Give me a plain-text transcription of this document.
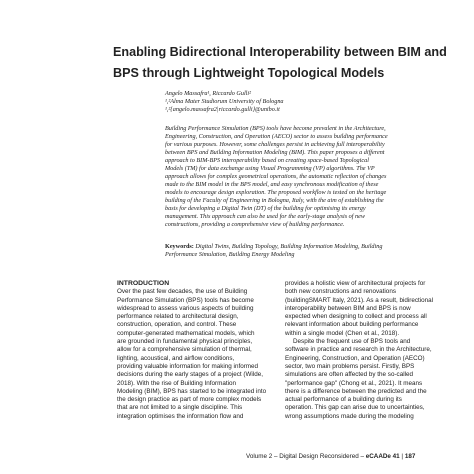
Enabling Bidirectional Interoperability between BIM and
BPS through Lightweight Topological Models
Angelo Massafra¹, Riccardo Gulli²
¹,²Alma Mater Studiorum University of Bologna
¹,²{angelo.massafra2|riccardo.gulli}@unibo.it
Building Performance Simulation (BPS) tools have become prevalent in the Architecture,
Engineering, Construction, and Operation (AECO) sector to assess building performance
for various purposes. However, some challenges persist in achieving full interoperability
between BPS and Building Information Modeling (BIM). This paper proposes a different
approach to BIM-BPS interoperability based on creating space-based Topological
Models (TM) for data exchange using Visual Programming (VP) algorithms. The VP
approach allows for complex geometrical operations, the automatic reflection of changes
made to the BIM model in the BPS model, and easy synchronous modification of these
models to encourage design exploration. The proposed workflow is tested on the heritage
building of the Faculty of Engineering in Bologna, Italy, with the aim of establishing the
basis for developing a Digital Twin (DT) of the building for optimising its energy
management. This approach can also be used for the early-stage analysis of new
constructions, providing a comprehensive view of building performance.
Keywords: Digital Twins, Building Topology, Building Information Modeling, Building
Performance Simulation, Building Energy Modeling
INTRODUCTION
Over the past few decades, the use of Building
Performance Simulation (BPS) tools has become
widespread to assess various aspects of building
performance related to architectural design,
construction, operation, and control. These
computer-generated mathematical models, which
are grounded in fundamental physical principles,
allow for a comprehensive simulation of thermal,
lighting, acoustical, and airflow conditions,
providing valuable information for making informed
decisions during the early stages of a project (Wilde,
2018). With the rise of Building Information
Modeling (BIM), BPS has started to be integrated into
the design practice as part of more complex models
that are not limited to a single discipline. This
integration optimises the information flow and
provides a holistic view of architectural projects for
both new constructions and renovations
(buildingSMART Italy, 2021). As a result, bidirectional
interoperability between BIM and BPS is now
expected when designing to collect and process all
relevant information about building performance
within a single model (Chen et al., 2018).
Despite the frequent use of BPS tools and
software in practice and research in the Architecture,
Engineering, Construction, and Operation (AECO)
sector, two main problems persist. Firstly, BPS
simulations are often affected by the so-called
"performance gap" (Chong et al., 2021). It means
there is a difference between the predicted and the
actual performance of a building during its
operation. This gap can arise due to uncertainties,
wrong assumptions made during the modeling
Volume 2 – Digital Design Reconsidered – eCAADe 41 | 187
